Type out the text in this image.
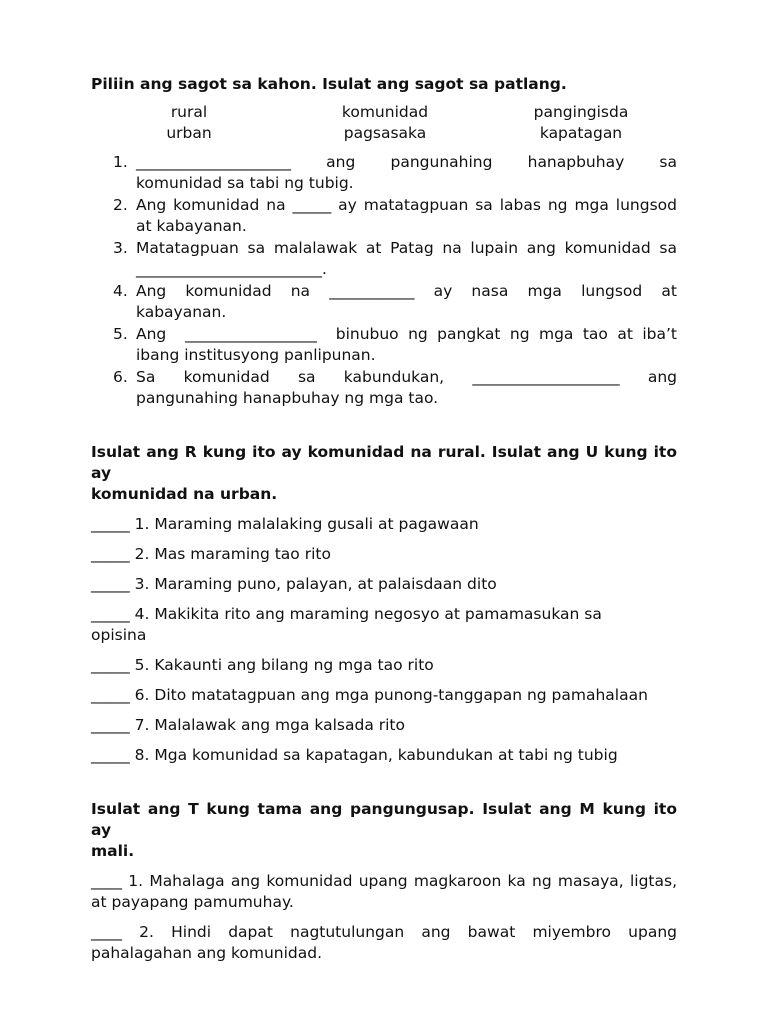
Piliin ang sagot sa kahon. Isulat ang sagot sa patlang.

rural	komunidad	pangingisda
urban	pagsasaka	kapatagan
1. ____________________   ang   pangunahing   hanapbuhay   sa
komunidad sa tabi ng tubig.
2. Ang komunidad na _____ ay matatagpuan sa labas ng mga lungsod
at kabayanan.
3. Matatagpuan sa malalawak at Patag na lupain ang komunidad sa
________________________.
4. Ang   komunidad   na   ___________   ay   nasa   mga   lungsod   at
kabayanan.
5. Ang  _________________  binubuo ng pangkat ng mga tao at iba’t
ibang institusyong panlipunan.
6. Sa   komunidad   sa   kabundukan,   ___________________   ang
pangunahing hanapbuhay ng mga tao.

Isulat ang R kung ito ay komunidad na rural. Isulat ang U kung ito ay
komunidad na urban.

_____ 1. Maraming malalaking gusali at pagawaan
_____ 2. Mas maraming tao rito
_____ 3. Maraming puno, palayan, at palaisdaan dito
_____ 4. Makikita rito ang maraming negosyo at pamamasukan sa
opisina
_____ 5. Kakaunti ang bilang ng mga tao rito
_____ 6. Dito matatagpuan ang mga punong-tanggapan ng pamahalaan
_____ 7. Malalawak ang mga kalsada rito
_____ 8. Mga komunidad sa kapatagan, kabundukan at tabi ng tubig

Isulat ang T kung tama ang pangungusap. Isulat ang M kung ito ay
mali.

____ 1. Mahalaga ang komunidad upang magkaroon ka ng masaya, ligtas,
at payapang pamumuhay.
____  2.  Hindi  dapat  nagtutulungan  ang  bawat  miyembro  upang
pahalagahan ang komunidad.
